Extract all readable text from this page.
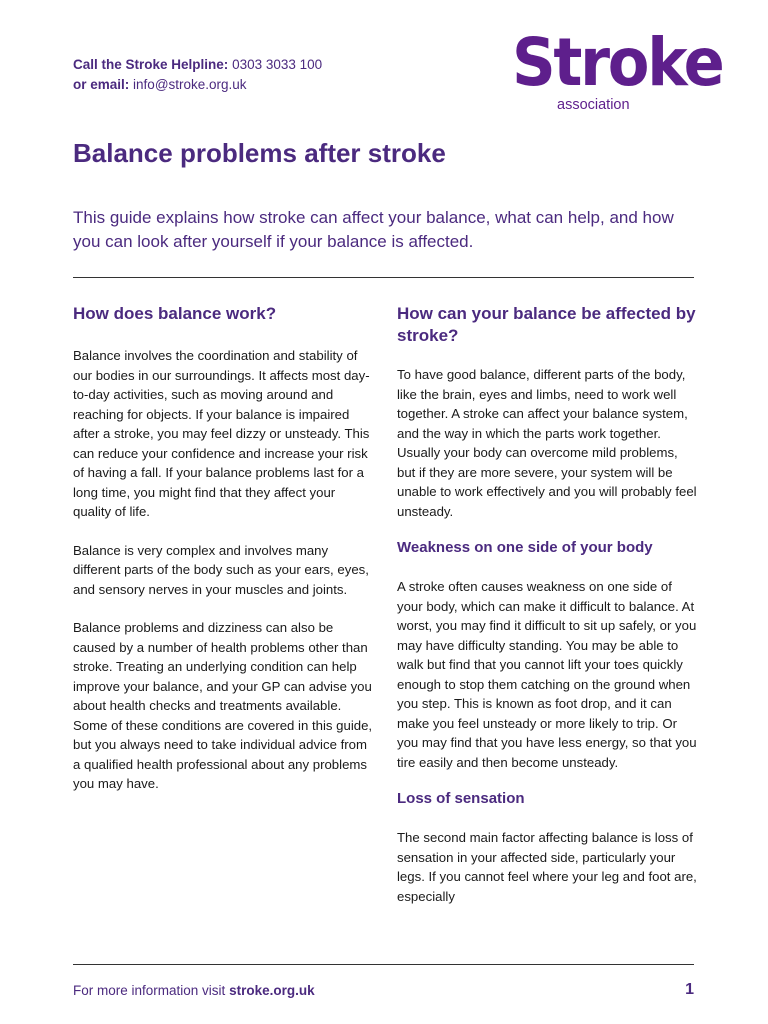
Call the Stroke Helpline: 0303 3033 100
or email: info@stroke.org.uk	Stroke
association
Balance problems after stroke

This guide explains how stroke can affect your balance, what can help, and how you can look after yourself if your balance is affected.

How does balance work?

Balance involves the coordination and stability of our bodies in our surroundings. It affects most day-to-day activities, such as moving around and reaching for objects. If your balance is impaired after a stroke, you may feel dizzy or unsteady. This can reduce your confidence and increase your risk of having a fall. If your balance problems last for a long time, you might find that they affect your quality of life.

Balance is very complex and involves many different parts of the body such as your ears, eyes, and sensory nerves in your muscles and joints.

Balance problems and dizziness can also be caused by a number of health problems other than stroke. Treating an underlying condition can help improve your balance, and your GP can advise you about health checks and treatments available. Some of these conditions are covered in this guide, but you always need to take individual advice from a qualified health professional about any problems you may have.

How can your balance be affected by stroke?

To have good balance, different parts of the body, like the brain, eyes and limbs, need to work well together. A stroke can affect your balance system, and the way in which the parts work together. Usually your body can overcome mild problems, but if they are more severe, your system will be unable to work effectively and you will probably feel unsteady.

Weakness on one side of your body

A stroke often causes weakness on one side of your body, which can make it difficult to balance. At worst, you may find it difficult to sit up safely, or you may have difficulty standing. You may be able to walk but find that you cannot lift your toes quickly enough to stop them catching on the ground when you step. This is known as foot drop, and it can make you feel unsteady or more likely to trip. Or you may find that you have less energy, so that you tire easily and then become unsteady.

Loss of sensation

The second main factor affecting balance is loss of sensation in your affected side, particularly your legs. If you cannot feel where your leg and foot are, especially

For more information visit stroke.org.uk	1
